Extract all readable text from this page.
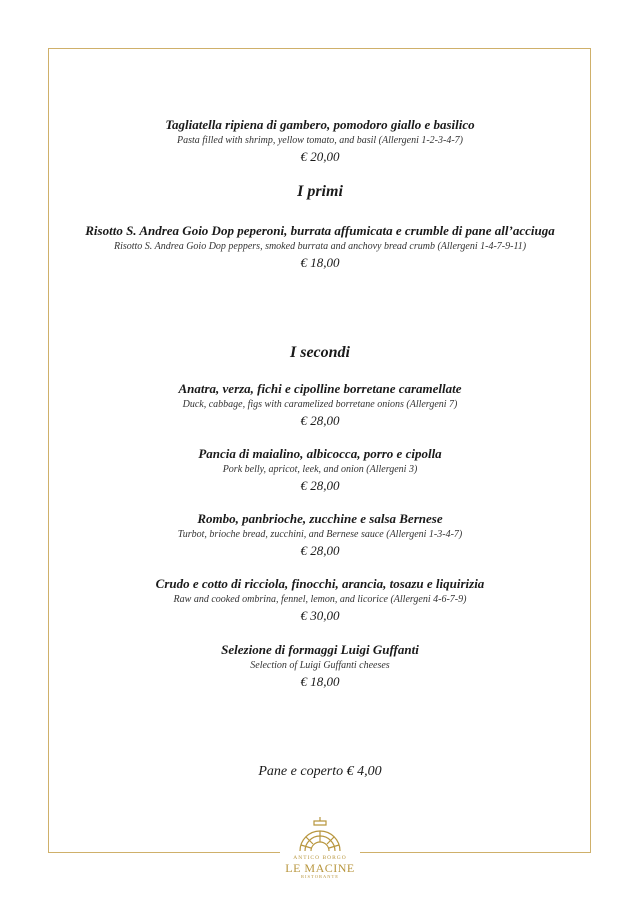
Tagliatella ripiena di gambero, pomodoro giallo e basilico
Pasta filled with shrimp, yellow tomato, and basil (Allergeni 1-2-3-4-7)
€ 20,00
I primi
Risotto S. Andrea Goio Dop peperoni, burrata affumicata e crumble di pane all’acciuga
Risotto S. Andrea Goio Dop peppers, smoked burrata and anchovy bread crumb (Allergeni 1-4-7-9-11)
€ 18,00
I secondi
Anatra, verza, fichi e cipolline borretane caramellate
Duck, cabbage, figs with caramelized borretane onions (Allergeni 7)
€ 28,00
Pancia di maialino, albicocca, porro e cipolla
Pork belly, apricot, leek, and onion (Allergeni 3)
€ 28,00
Rombo, panbrioche, zucchine e salsa Bernese
Turbot, brioche bread, zucchini, and Bernese sauce (Allergeni 1-3-4-7)
€ 28,00
Crudo e cotto di ricciola, finocchi, arancia, tosazu e liquirizia
Raw and cooked ombrina, fennel, lemon, and licorice (Allergeni 4-6-7-9)
€ 30,00
Selezione di formaggi Luigi Guffanti
Selection of Luigi Guffanti cheeses
€ 18,00
Pane e coperto € 4,00
ANTICO BORGO
LE MACINE
RISTORANTE
